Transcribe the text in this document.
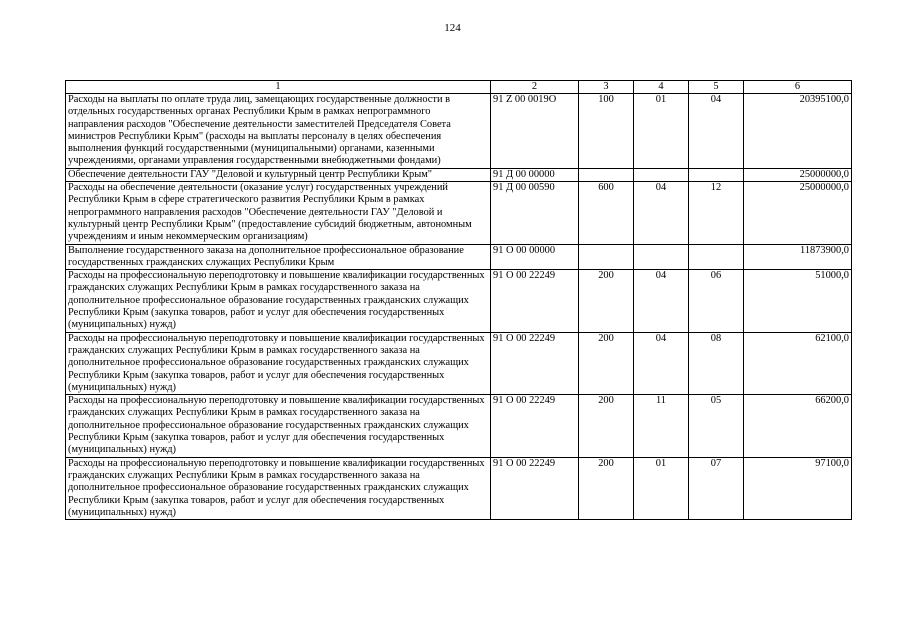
124
1	2	3	4	5	6
Расходы на выплаты по оплате труда лиц, замещающих государственные должности в отдельных государственных органах Республики Крым в рамках непрограммного направления расходов "Обеспечение деятельности заместителей Председателя Совета министров Республики Крым" (расходы на выплаты персоналу в целях обеспечения выполнения функций государственными (муниципальными) органами, казенными учреждениями, органами управления государственными внебюджетными фондами)	91 Z 00 0019О	100	01	04	20395100,0
Обеспечение деятельности ГАУ "Деловой и культурный центр Республики Крым"	91 Д 00 00000				25000000,0
Расходы на обеспечение деятельности (оказание услуг) государственных учреждений Республики Крым в сфере стратегического развития Республики Крым в рамках непрограммного направления расходов "Обеспечение деятельности ГАУ "Деловой и культурный центр Республики Крым" (предоставление субсидий бюджетным, автономным учреждениям и иным некоммерческим организациям)	91 Д 00 00590	600	04	12	25000000,0
Выполнение государственного заказа на дополнительное профессиональное образование государственных гражданских служащих Республики Крым	91 О 00 00000				11873900,0
Расходы на профессиональную переподготовку и повышение квалификации государственных гражданских служащих Республики Крым в рамках государственного заказа на дополнительное профессиональное образование государственных гражданских служащих Республики Крым (закупка товаров, работ и услуг для обеспечения государственных (муниципальных) нужд)	91 О 00 22249	200	04	06	51000,0
Расходы на профессиональную переподготовку и повышение квалификации государственных гражданских служащих Республики Крым в рамках государственного заказа на дополнительное профессиональное образование государственных гражданских служащих Республики Крым (закупка товаров, работ и услуг для обеспечения государственных (муниципальных) нужд)	91 О 00 22249	200	04	08	62100,0
Расходы на профессиональную переподготовку и повышение квалификации государственных гражданских служащих Республики Крым в рамках государственного заказа на дополнительное профессиональное образование государственных гражданских служащих Республики Крым (закупка товаров, работ и услуг для обеспечения государственных (муниципальных) нужд)	91 О 00 22249	200	11	05	66200,0
Расходы на профессиональную переподготовку и повышение квалификации государственных гражданских служащих Республики Крым в рамках государственного заказа на дополнительное профессиональное образование государственных гражданских служащих Республики Крым (закупка товаров, работ и услуг для обеспечения государственных (муниципальных) нужд)	91 О 00 22249	200	01	07	97100,0
